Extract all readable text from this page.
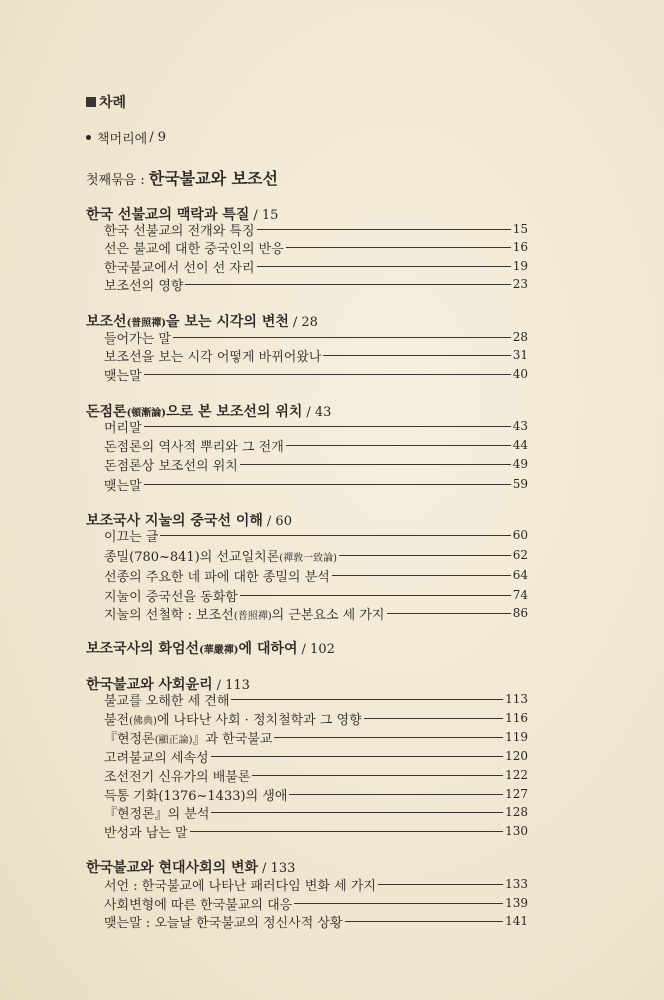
차례
책머리에 / 9
첫째묶음 : 한국불교와 보조선
한국 선불교의 맥락과 특질 / 15
한국 선불교의 전개와 특징	15
선은 불교에 대한 중국인의 반응	16
한국불교에서 선이 선 자리	19
보조선의 영향	23
보조선 (普照禪) 을 보는 시각의 변천 / 28
들어가는 말	28
보조선을 보는 시각 어떻게 바뀌어왔나	31
맺는말	40
돈점론 (頓漸論) 으로 본 보조선의 위치 / 43
머리말	43
돈점론의 역사적 뿌리와 그 전개	44
돈점론상 보조선의 위치	49
맺는말	59
보조국사 지눌의 중국선 이해 / 60
이끄는 글	60
종밀(780~841)의 선교일치론(禪敎一致論)	62
선종의 주요한 네 파에 대한 종밀의 분석	64
지눌이 중국선을 동화함	74
지눌의 선철학 : 보조선(普照禪)의 근본요소 세 가지	86
보조국사의 화엄선 (華嚴禪) 에 대하여 / 102
한국불교와 사회윤리 / 113
불교를 오해한 세 견해	113
불전(佛典)에 나타난 사회 · 정치철학과 그 영향	116
『현정론(顯正論)』과 한국불교	119
고려불교의 세속성	120
조선전기 신유가의 배불론	122
득통 기화(1376~1433)의 생애	127
『현정론』의 분석	128
반성과 남는 말	130
한국불교와 현대사회의 변화 / 133
서언 : 한국불교에 나타난 패러다임 변화 세 가지	133
사회변형에 따른 한국불교의 대응	139
맺는말 : 오늘날 한국불교의 정신사적 상황	141
